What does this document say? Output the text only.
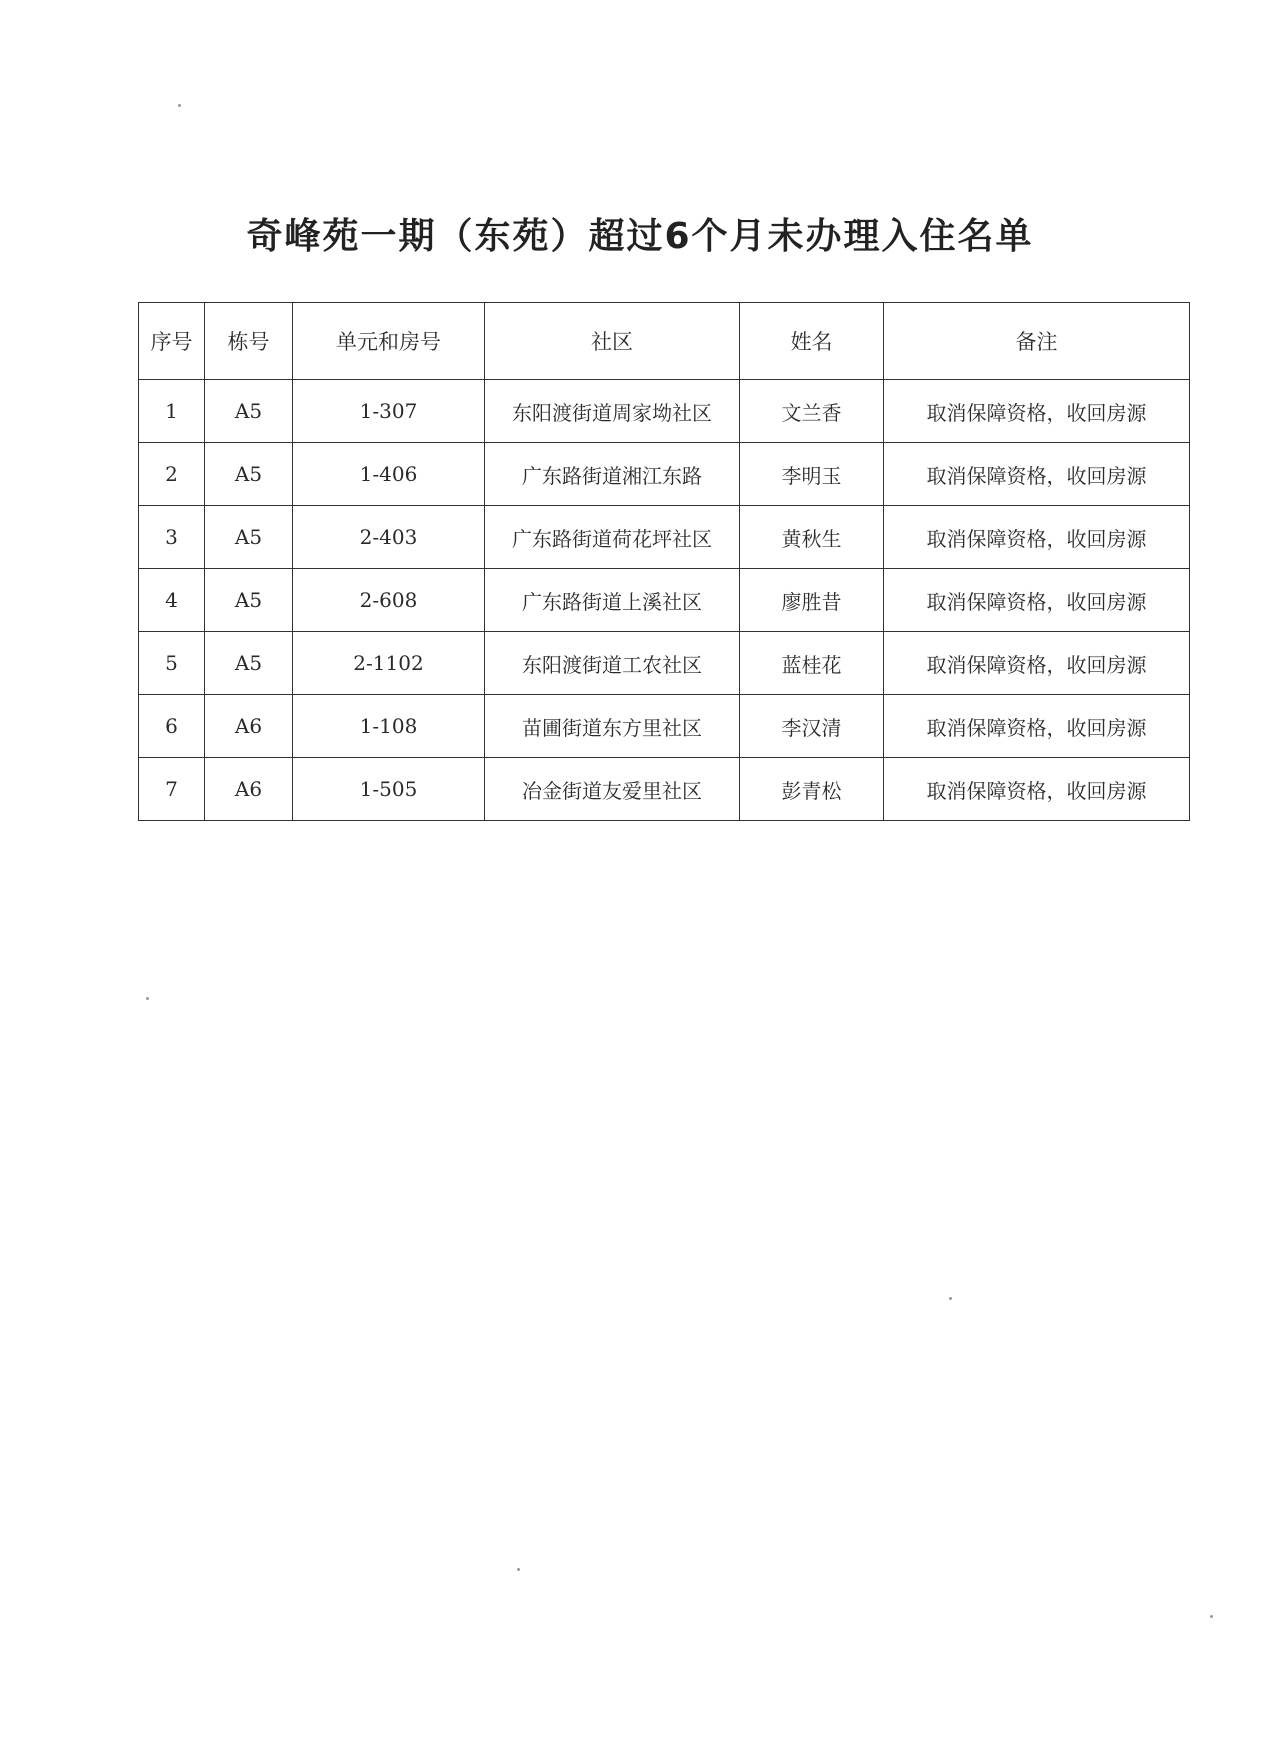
奇峰苑一期（东苑）超过6个月未办理入住名单
序号	栋号	单元和房号	社区	姓名	备注
1	A5	1-307	东阳渡街道周家坳社区	文兰香	取消保障资格，收回房源
2	A5	1-406	广东路街道湘江东路	李明玉	取消保障资格，收回房源
3	A5	2-403	广东路街道荷花坪社区	黄秋生	取消保障资格，收回房源
4	A5	2-608	广东路街道上溪社区	廖胜昔	取消保障资格，收回房源
5	A5	2-1102	东阳渡街道工农社区	蓝桂花	取消保障资格，收回房源
6	A6	1-108	苗圃街道东方里社区	李汉清	取消保障资格，收回房源
7	A6	1-505	冶金街道友爱里社区	彭青松	取消保障资格，收回房源
